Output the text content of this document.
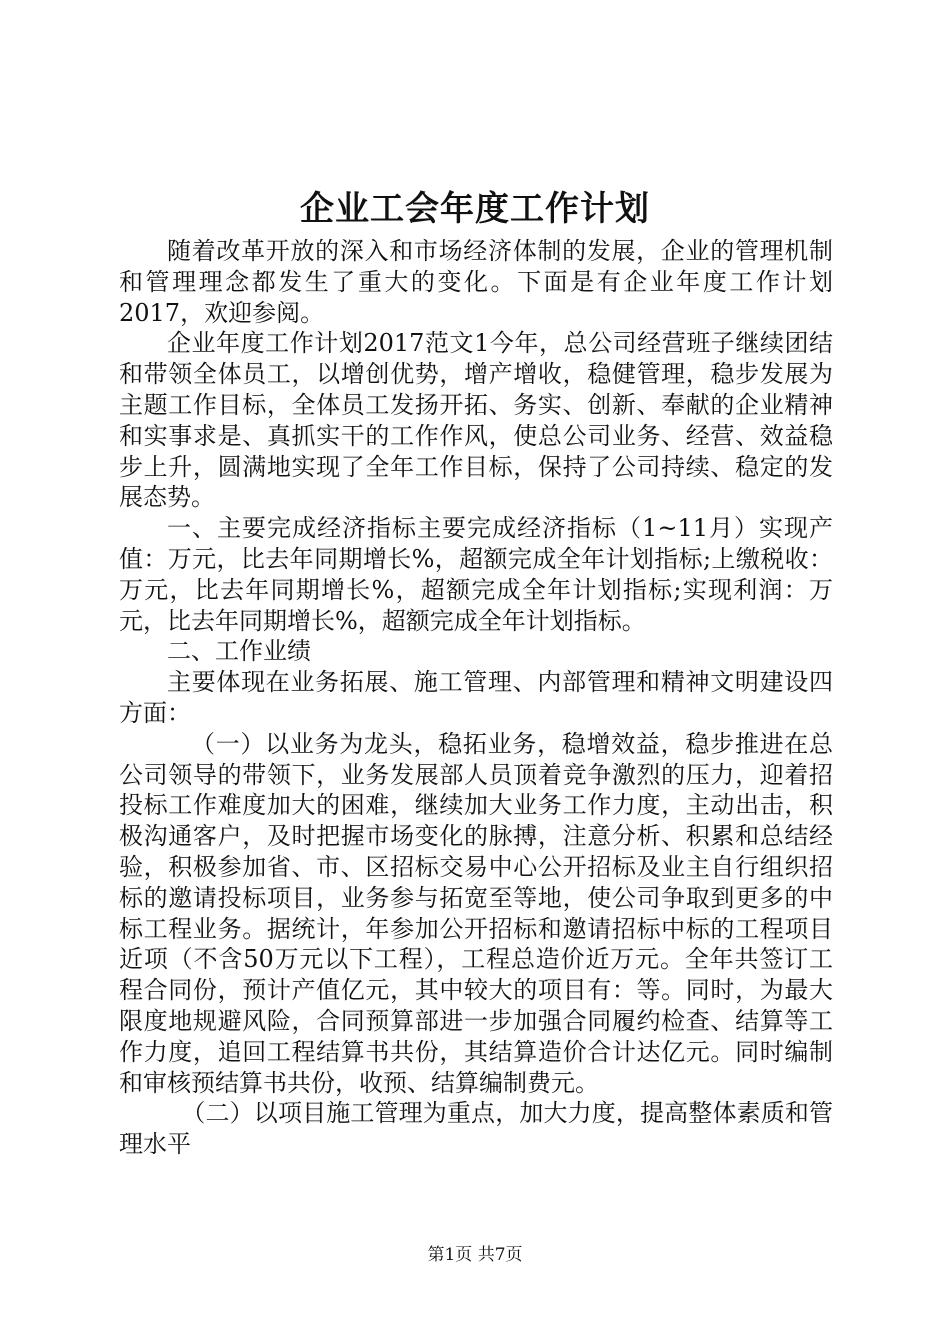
企业工会年度工作计划

随着改革开放的深入和市场经济体制的发展，企业的管理机制和管理理念都发生了重大的变化。下面是有企业年度工作计划2017，欢迎参阅。

企业年度工作计划2017范文1今年，总公司经营班子继续团结和带领全体员工，以增创优势，增产增收，稳健管理，稳步发展为主题工作目标，全体员工发扬开拓、务实、创新、奉献的企业精神和实事求是、真抓实干的工作作风，使总公司业务、经营、效益稳步上升，圆满地实现了全年工作目标，保持了公司持续、稳定的发展态势。

一、主要完成经济指标主要完成经济指标（1~11月）实现产值：万元，比去年同期增长%，超额完成全年计划指标;上缴税收：万元，比去年同期增长%，超额完成全年计划指标;实现利润：万元，比去年同期增长%，超额完成全年计划指标。

二、工作业绩

主要体现在业务拓展、施工管理、内部管理和精神文明建设四方面：

（一）以业务为龙头，稳拓业务，稳增效益，稳步推进在总公司领导的带领下，业务发展部人员顶着竞争激烈的压力，迎着招投标工作难度加大的困难，继续加大业务工作力度，主动出击，积极沟通客户，及时把握市场变化的脉搏，注意分析、积累和总结经验，积极参加省、市、区招标交易中心公开招标及业主自行组织招标的邀请投标项目，业务参与拓宽至等地，使公司争取到更多的中标工程业务。据统计，年参加公开招标和邀请招标中标的工程项目近项（不含50万元以下工程），工程总造价近万元。全年共签订工程合同份，预计产值亿元，其中较大的项目有：等。同时，为最大限度地规避风险，合同预算部进一步加强合同履约检查、结算等工作力度，追回工程结算书共份，其结算造价合计达亿元。同时编制和审核预结算书共份，收预、结算编制费元。

（二）以项目施工管理为重点，加大力度，提高整体素质和管理水平

第1页 共7页
